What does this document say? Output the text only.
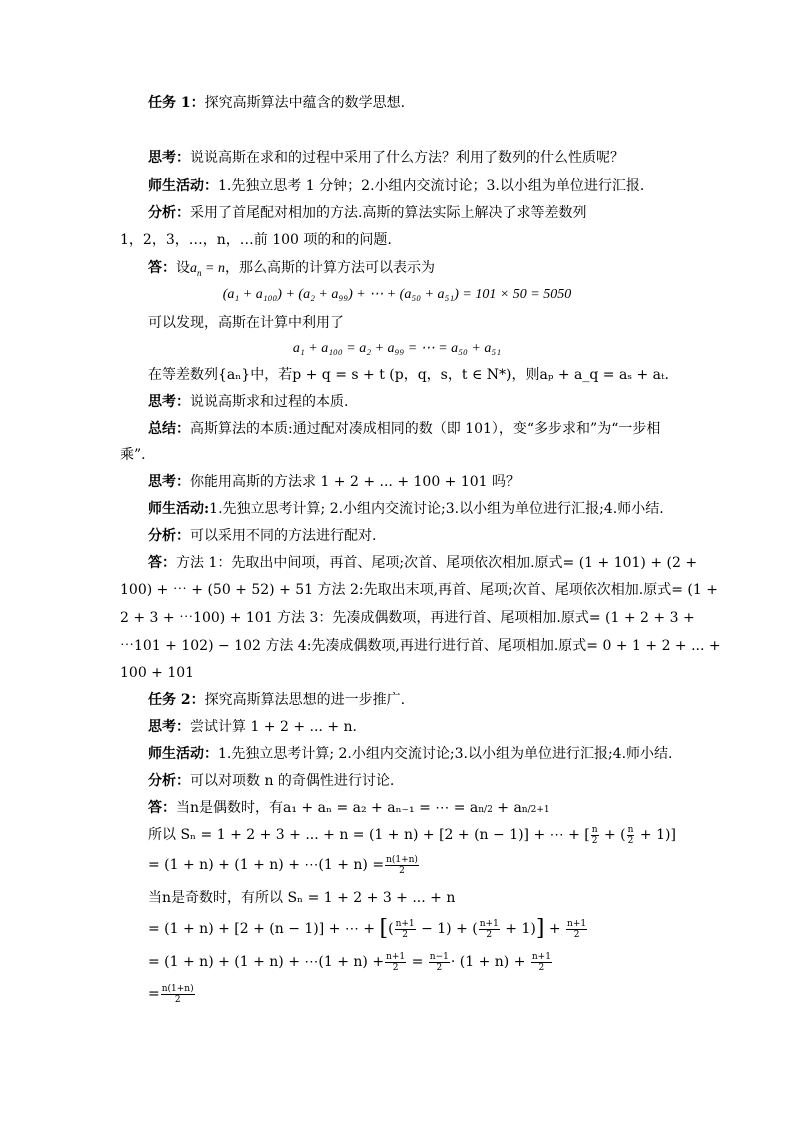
任务 1：探究高斯算法中蕴含的数学思想.
思考：说说高斯在求和的过程中采用了什么方法？利用了数列的什么性质呢？
师生活动：1.先独立思考 1 分钟；2.小组内交流讨论；3.以小组为单位进行汇报.
分析：采用了首尾配对相加的方法.高斯的算法实际上解决了求等差数列
1，2，3，…，n，…前 100 项的和的问题.
答：设$a_n = n$，那么高斯的计算方法可以表示为
(a₁ + a₁₀₀) + (a₂ + a₉₉) + ⋯ + (a₅₀ + a₅₁) = 101 × 50 = 5050
可以发现，高斯在计算中利用了
a₁ + a₁₀₀ = a₂ + a₉₉ = ⋯ = a₅₀ + a₅₁
在等差数列{aₙ}中，若p + q = s + t (p，q，s，t ∈ N*)，则aₚ + a_q = aₛ + aₜ.
思考：说说高斯求和过程的本质.
总结：高斯算法的本质:通过配对凑成相同的数（即 101），变“多步求和”为“一步相
乘”.
思考：你能用高斯的方法求 1 + 2 + ... + 100 + 101 吗？
师生活动:1.先独立思考计算; 2.小组内交流讨论;3.以小组为单位进行汇报;4.师小结.
分析：可以采用不同的方法进行配对.
答：方法 1：先取出中间项，再首、尾项;次首、尾项依次相加.原式= (1 + 101) + (2 +
100) + ⋯ + (50 + 52) + 51 方法 2:先取出末项,再首、尾项;次首、尾项依次相加.原式= (1 +
2 + 3 + ⋯100) + 101 方法 3：先凑成偶数项，再进行首、尾项相加.原式= (1 + 2 + 3 +
⋯101 + 102) − 102 方法 4:先凑成偶数项,再进行进行首、尾项相加.原式= 0 + 1 + 2 + ... +
100 + 101
任务 2：探究高斯算法思想的进一步推广.
思考：尝试计算 1 + 2 + ... + n.
师生活动：1.先独立思考计算; 2.小组内交流讨论;3.以小组为单位进行汇报;4.师小结.
分析：可以对项数 n 的奇偶性进行讨论.
答：当n是偶数时，有a₁ + aₙ = a₂ + aₙ₋₁ = ⋯ = an/2 + an/2+1
所以 Sₙ = 1 + 2 + 3 + ... + n = (1 + n) + [2 + (n − 1)] + ⋯ + [ $\frac{n}{2}$ + ( $\frac{n}{2} + 1$)]
= (1 + n) + (1 + n) + ⋯(1 + $n) = \frac{n(1+n)}{2}$
当n是奇数时，有所以 Sₙ = 1 + 2 + 3 + ... + n
= (1 + n) + [2 + (n − 1)] + ⋯ + [( $\frac{n+1}{2} - 1$) + ( $\frac{n+1}{2} + 1)] + \frac{n+1}{2}$
= (1 + n) + (1 + n) + ⋯(1 + $n) + \frac{n+1}{2} = \frac{n-1}{2} \cdot (1 + n) + \frac{n+1}{2}$
= $\frac{n(1+n)}{2}$
